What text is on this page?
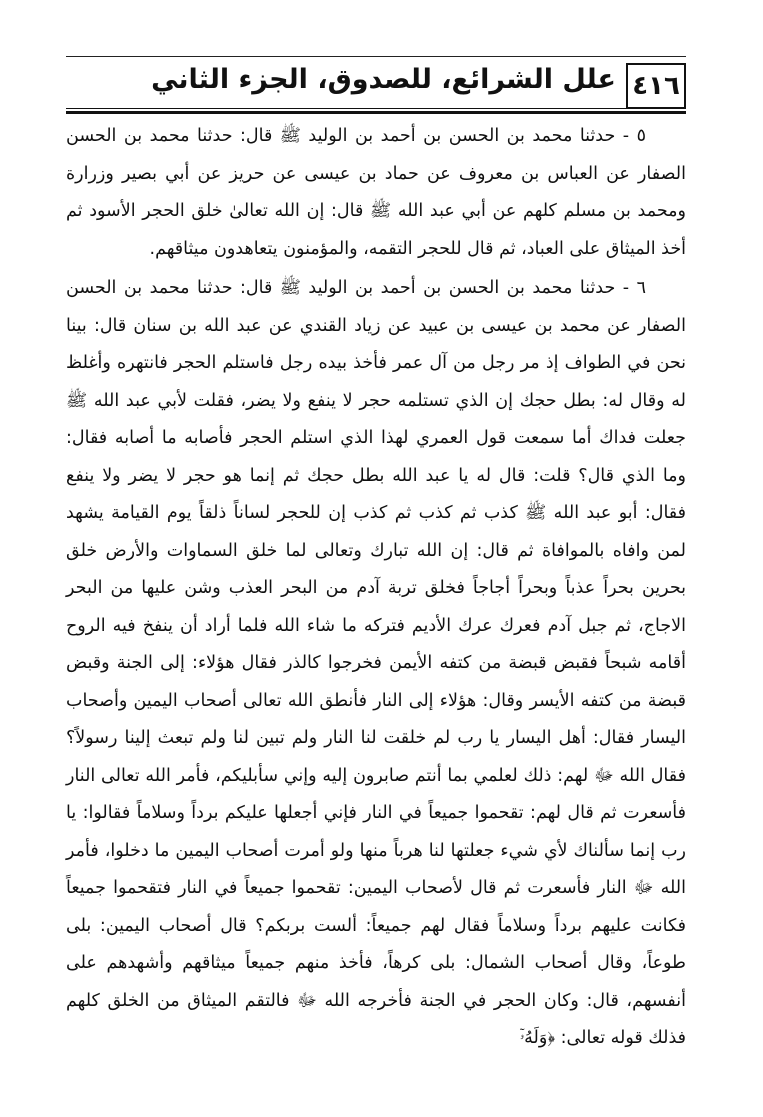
٤١٦
علل الشرائع، للصدوق، الجزء الثاني

٥ - حدثنا محمد بن الحسن بن أحمد بن الوليد ﷺ قال: حدثنا محمد بن الحسن الصفار عن العباس بن معروف عن حماد بن عيسى عن حريز عن أبي بصير وزرارة ومحمد بن مسلم كلهم عن أبي عبد الله ﷺ قال: إن الله تعالىٰ خلق الحجر الأسود ثم أخذ الميثاق على العباد، ثم قال للحجر التقمه، والمؤمنون يتعاهدون ميثاقهم.

٦ - حدثنا محمد بن الحسن بن أحمد بن الوليد ﷺ قال: حدثنا محمد بن الحسن الصفار عن محمد بن عيسى بن عبيد عن زياد القندي عن عبد الله بن سنان قال: بينا نحن في الطواف إذ مر رجل من آل عمر فأخذ بيده رجل فاستلم الحجر فانتهره وأغلظ له وقال له: بطل حجك إن الذي تستلمه حجر لا ينفع ولا يضر، فقلت لأبي عبد الله ﷺ جعلت فداك أما سمعت قول العمري لهذا الذي استلم الحجر فأصابه ما أصابه فقال: وما الذي قال؟ قلت: قال له يا عبد الله بطل حجك ثم إنما هو حجر لا يضر ولا ينفع فقال: أبو عبد الله ﷺ كذب ثم كذب ثم كذب إن للحجر لساناً ذلقاً يوم القيامة يشهد لمن وافاه بالموافاة ثم قال: إن الله تبارك وتعالى لما خلق السماوات والأرض خلق بحرين بحراً عذباً وبحراً أجاجاً فخلق تربة آدم من البحر العذب وشن عليها من البحر الاجاج، ثم جبل آدم فعرك عرك الأديم فتركه ما شاء الله فلما أراد أن ينفخ فيه الروح أقامه شبحاً فقبض قبضة من كتفه الأيمن فخرجوا كالذر فقال هؤلاء: إلى الجنة وقبض قبضة من كتفه الأيسر وقال: هؤلاء إلى النار فأنطق الله تعالى أصحاب اليمين وأصحاب اليسار فقال: أهل اليسار يا رب لم خلقت لنا النار ولم تبين لنا ولم تبعث إلينا رسولاً؟ فقال الله ﷻ لهم: ذلك لعلمي بما أنتم صابرون إليه وإني سأبليكم، فأمر الله تعالى النار فأسعرت ثم قال لهم: تقحموا جميعاً في النار فإني أجعلها عليكم برداً وسلاماً فقالوا: يا رب إنما سألناك لأي شيء جعلتها لنا هرباً منها ولو أمرت أصحاب اليمين ما دخلوا، فأمر الله ﷻ النار فأسعرت ثم قال لأصحاب اليمين: تقحموا جميعاً في النار فتقحموا جميعاً فكانت عليهم برداً وسلاماً فقال لهم جميعاً: ألست بربكم؟ قال أصحاب اليمين: بلى طوعاً، وقال أصحاب الشمال: بلى كرهاً، فأخذ منهم جميعاً ميثاقهم وأشهدهم على أنفسهم، قال: وكان الحجر في الجنة فأخرجه الله ﷻ فالتقم الميثاق من الخلق كلهم فذلك قوله تعالى: ﴿وَلَهُۥٓ
